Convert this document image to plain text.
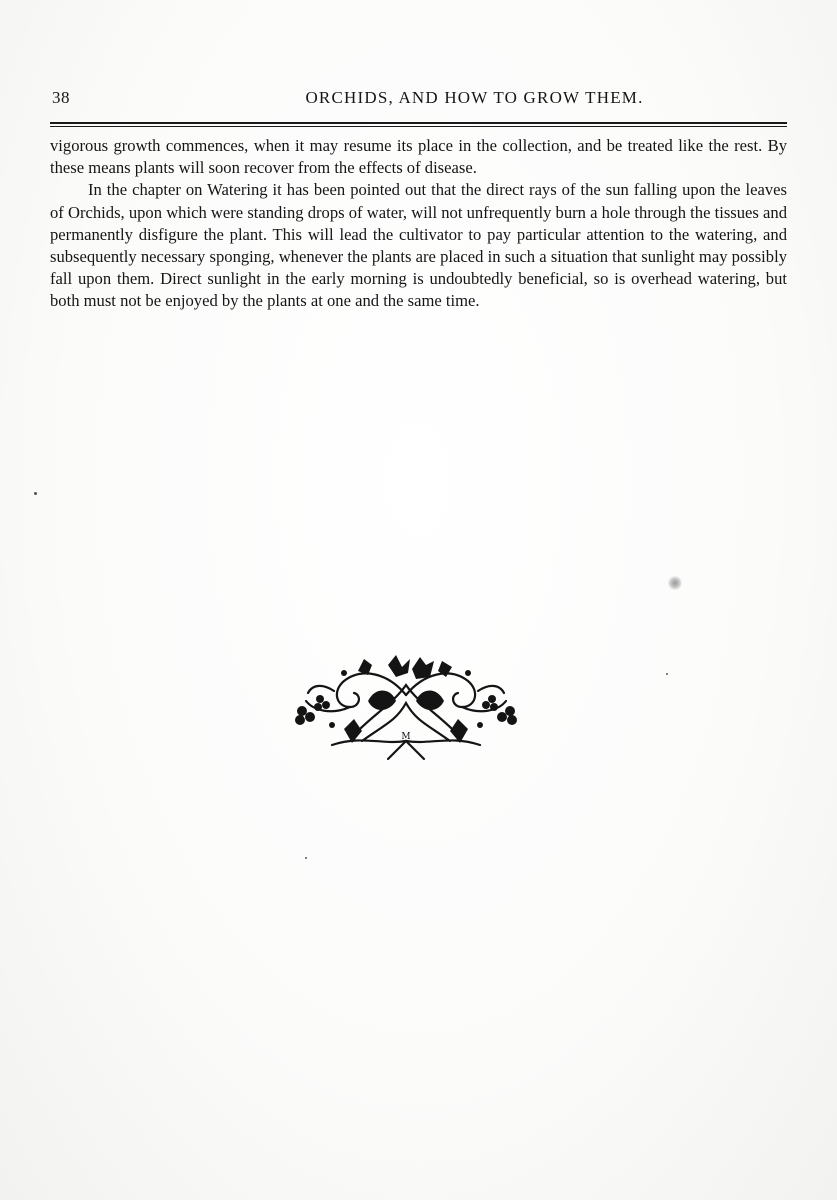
38	ORCHIDS, AND HOW TO GROW THEM.

vigorous growth commences, when it may resume its place in the collection, and be treated like the rest. By these means plants will soon recover from the effects of disease.

In the chapter on Watering it has been pointed out that the direct rays of the sun falling upon the leaves of Orchids, upon which were standing drops of water, will not unfrequently burn a hole through the tissues and permanently disfigure the plant. This will lead the cultivator to pay particular attention to the watering, and subsequently necessary sponging, whenever the plants are placed in such a situation that sunlight may possibly fall upon them. Direct sunlight in the early morning is undoubtedly beneficial, so is overhead watering, but both must not be enjoyed by the plants at one and the same time.

M
